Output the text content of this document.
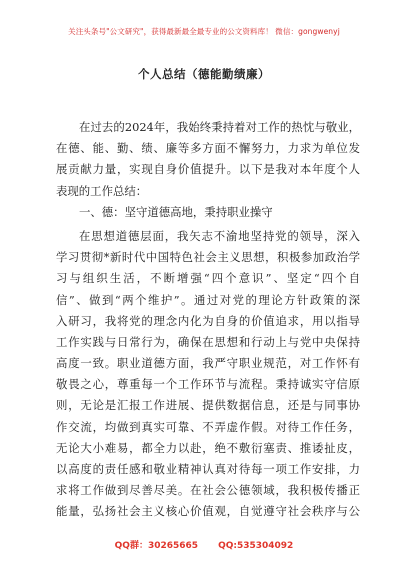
关注头条号"公文研究"，获得最新最全最专业的公文资料库！ 微信：gongwenyj
个人总结（德能勤绩廉）
在过去的2024年，我始终秉持着对工作的热忱与敬业，
在德、能、勤、绩、廉等多方面不懈努力，力求为单位发
展贡献力量，实现自身价值提升。以下是我对本年度个人
表现的工作总结：
一、德：坚守道德高地，秉持职业操守
在思想道德层面，我矢志不渝地坚持党的领导，深入
学习贯彻*新时代中国特色社会主义思想，积极参加政治学
习与组织生活，不断增强“四个意识”、坚定“四个自
信”、做到“两个维护”。通过对党的理论方针政策的深
入研习，我将党的理念内化为自身的价值追求，用以指导
工作实践与日常行为，确保在思想和行动上与党中央保持
高度一致。职业道德方面，我严守职业规范，对工作怀有
敬畏之心，尊重每一个工作环节与流程。秉持诚实守信原
则，无论是汇报工作进展、提供数据信息，还是与同事协
作交流，均做到真实可靠、不弄虚作假。对待工作任务，
无论大小难易，都全力以赴，绝不敷衍塞责、推诿扯皮，
以高度的责任感和敬业精神认真对待每一项工作安排，力
求将工作做到尽善尽美。在社会公德领域，我积极传播正
能量，弘扬社会主义核心价值观，自觉遵守社会秩序与公
QQ群：30265665 QQ:535304092
